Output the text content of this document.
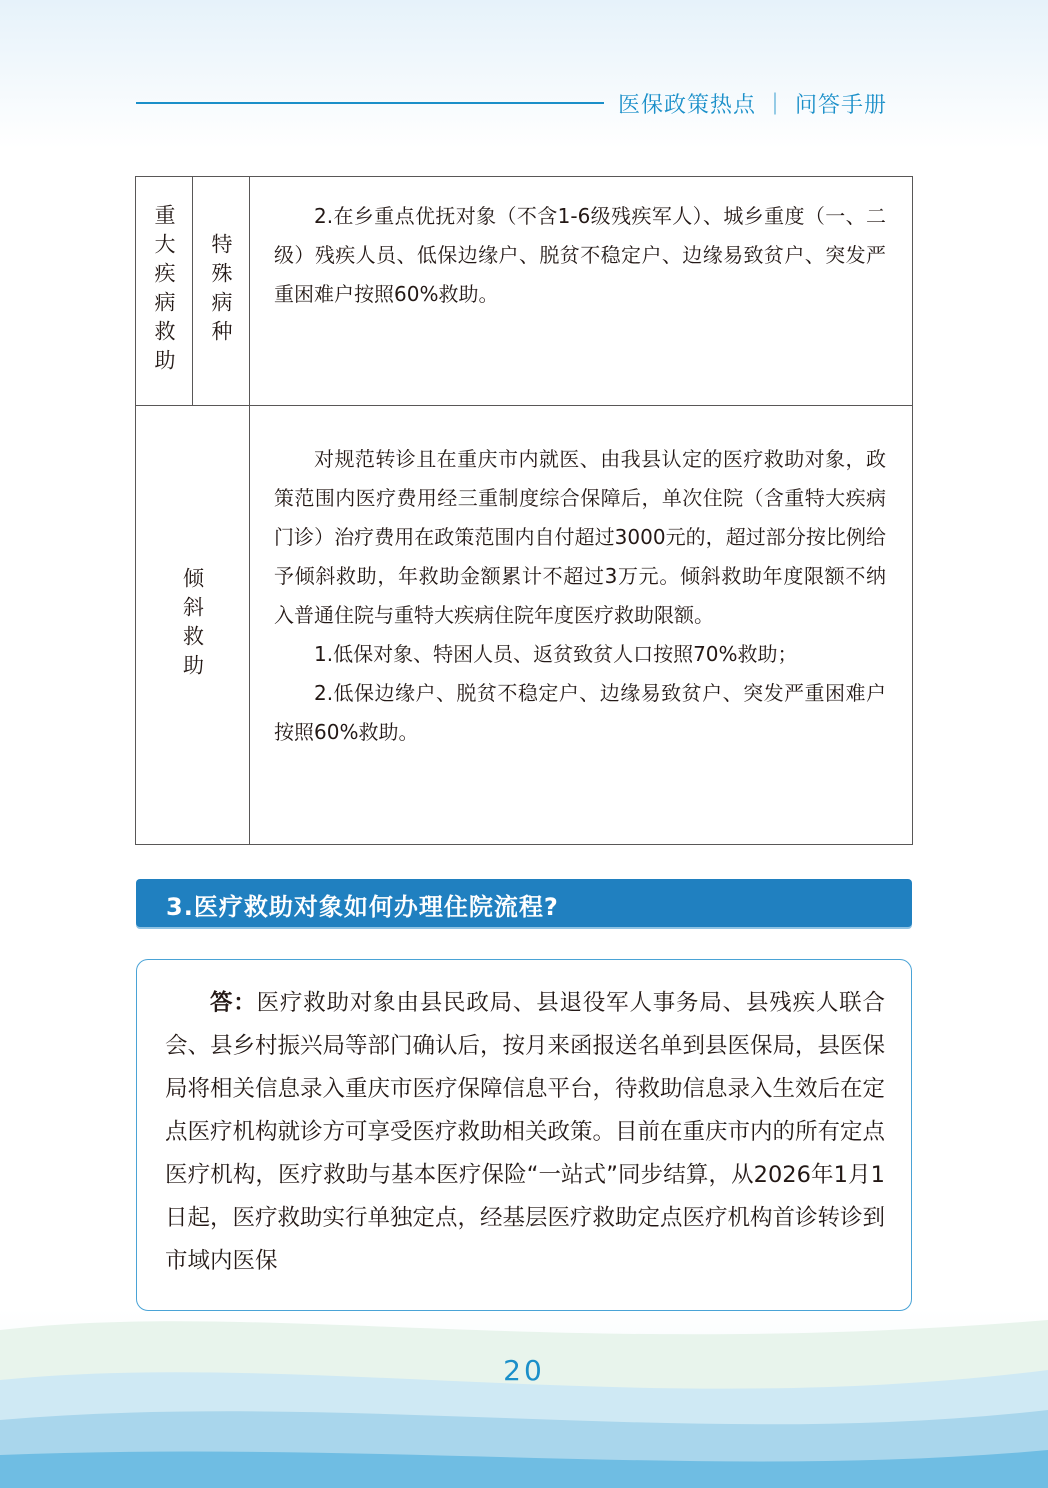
医保政策热点 ｜ 问答手册
重大疾病救助	特殊病种	2.在乡重点优抚对象（不含1-6级残疾军人）、城乡重度（一、二级）残疾人员、低保边缘户、脱贫不稳定户、边缘易致贫户、突发严重困难户按照60%救助。

倾斜救助		对规范转诊且在重庆市内就医、由我县认定的医疗救助对象，政策范围内医疗费用经三重制度综合保障后，单次住院（含重特大疾病门诊）治疗费用在政策范围内自付超过3000元的，超过部分按比例给予倾斜救助，年救助金额累计不超过3万元。倾斜救助年度限额不纳入普通住院与重特大疾病住院年度医疗救助限额。

1.低保对象、特困人员、返贫致贫人口按照70%救助；

2.低保边缘户、脱贫不稳定户、边缘易致贫户、突发严重困难户按照60%救助。

3.医疗救助对象如何办理住院流程?

答：医疗救助对象由县民政局、县退役军人事务局、县残疾人联合会、县乡村振兴局等部门确认后，按月来函报送名单到县医保局，县医保局将相关信息录入重庆市医疗保障信息平台，待救助信息录入生效后在定点医疗机构就诊方可享受医疗救助相关政策。目前在重庆市内的所有定点医疗机构，医疗救助与基本医疗保险“一站式”同步结算，从2026年1月1日起，医疗救助实行单独定点，经基层医疗救助定点医疗机构首诊转诊到市域内医保

20
